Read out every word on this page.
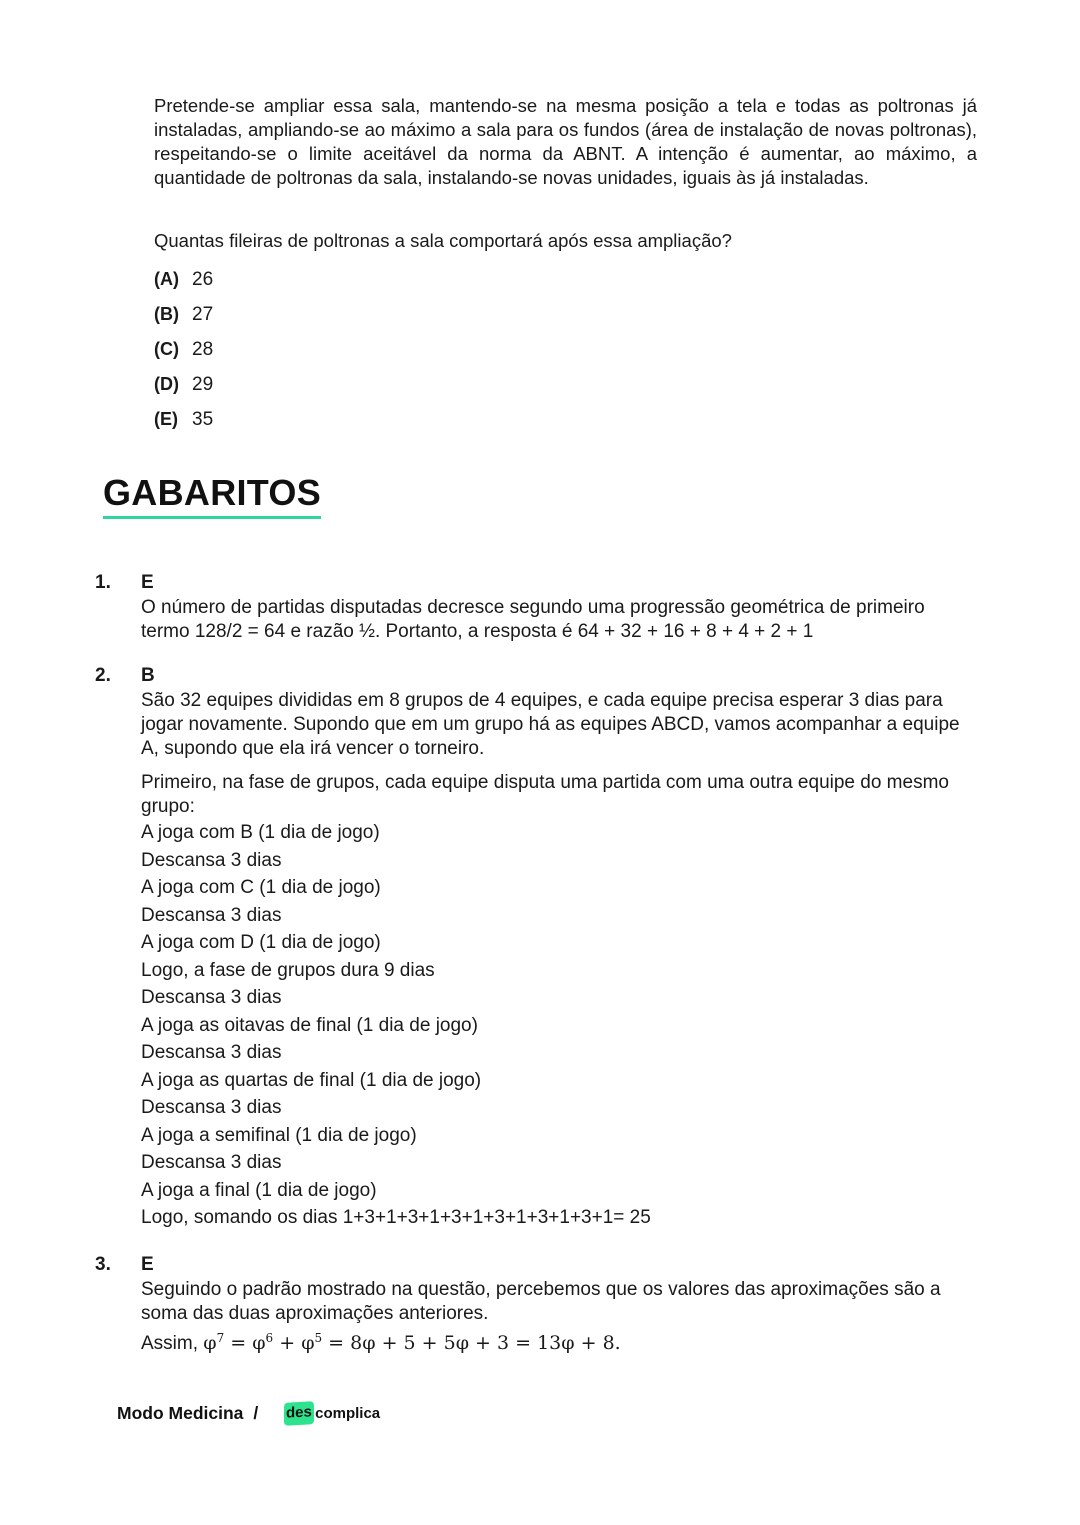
Pretende-se ampliar essa sala, mantendo-se na mesma posição a tela e todas as poltronas já instaladas, ampliando-se ao máximo a sala para os fundos (área de instalação de novas poltronas), respeitando-se o limite aceitável da norma da ABNT. A intenção é aumentar, ao máximo, a quantidade de poltronas da sala, instalando-se novas unidades, iguais às já instaladas.

Quantas fileiras de poltronas a sala comportará após essa ampliação?

(A) 26
(B) 27
(C) 28
(D) 29
(E) 35
GABARITOS
1.	E

O número de partidas disputadas decresce segundo uma progressão geométrica de primeiro termo 128/2 = 64 e razão ½. Portanto, a resposta é 64 + 32 + 16 + 8 + 4 + 2 + 1

2.	B

São 32 equipes divididas em 8 grupos de 4 equipes, e cada equipe precisa esperar 3 dias para jogar novamente. Supondo que em um grupo há as equipes ABCD, vamos acompanhar a equipe A, supondo que ela irá vencer o torneiro.

Primeiro, na fase de grupos, cada equipe disputa uma partida com uma outra equipe do mesmo grupo:

A joga com B (1 dia de jogo)
Descansa 3 dias
A joga com C (1 dia de jogo)
Descansa 3 dias
A joga com D (1 dia de jogo)
Logo, a fase de grupos dura 9 dias
Descansa 3 dias
A joga as oitavas de final (1 dia de jogo)
Descansa 3 dias
A joga as quartas de final (1 dia de jogo)
Descansa 3 dias
A joga a semifinal (1 dia de jogo)
Descansa 3 dias
A joga a final (1 dia de jogo)
Logo, somando os dias 1+3+1+3+1+3+1+3+1+3+1+3+1= 25
3.	E

Seguindo o padrão mostrado na questão, percebemos que os valores das aproximações são a soma das duas aproximações anteriores.

Assim, $\varphi^7 = \varphi^6 + \varphi^5 = 8\varphi + 5 + 5\varphi + 3 = 13\varphi + 8$.

Modo Medicina / des complica
